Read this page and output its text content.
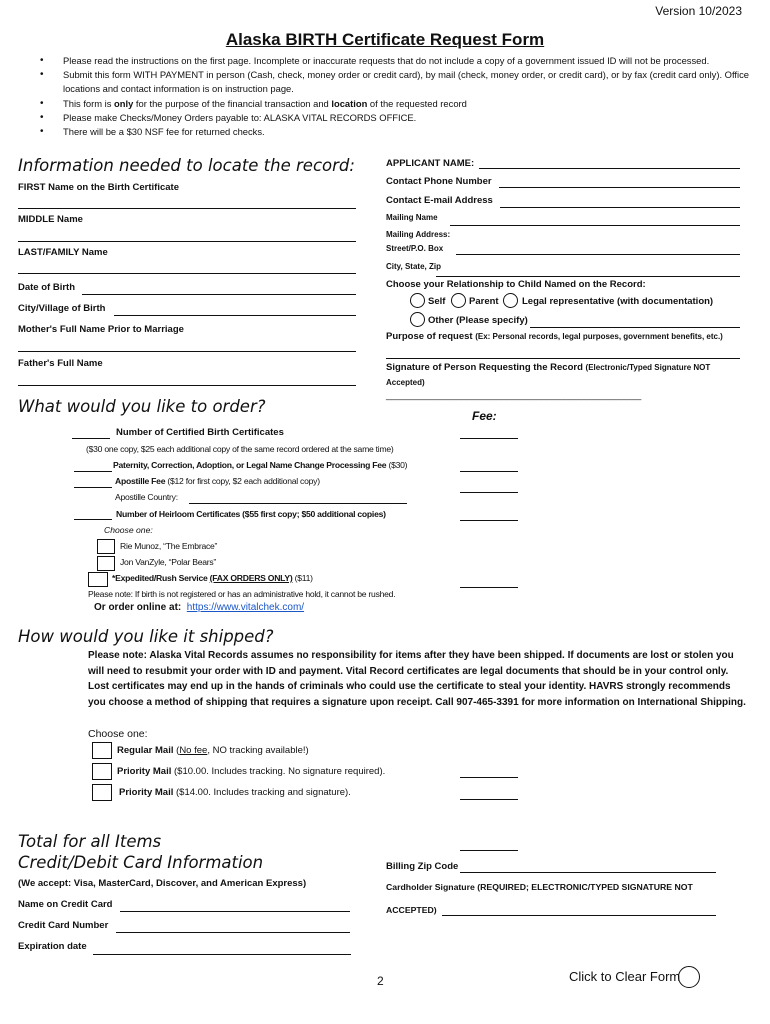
Version 10/2023
Alaska BIRTH Certificate Request Form
• Please read the instructions on the first page. Incomplete or inaccurate requests that do not include a copy of a government issued ID will not be processed.
• Submit this form WITH PAYMENT in person (Cash, check, money order or credit card), by mail (check, money order, or credit card), or by fax (credit card only). Office locations and contact information is on instruction page.
• This form is only for the purpose of the financial transaction and location of the requested record
• Please make Checks/Money Orders payable to: ALASKA VITAL RECORDS OFFICE.
• There will be a $30 NSF fee for returned checks.
Information needed to locate the record:
FIRST Name on the Birth Certificate
MIDDLE Name
LAST/FAMILY Name
Date of Birth
City/Village of Birth
Mother's Full Name Prior to Marriage
Father's Full Name
APPLICANT NAME:
Contact Phone Number
Contact E-mail Address
Mailing Name
Mailing Address:
Street/P.O. Box
City, State, Zip
Choose your Relationship to Child Named on the Record:
Self Parent Legal representative (with documentation)
Other (Please specify)
Purpose of request (Ex: Personal records, legal purposes, government benefits, etc.)
Signature of Person Requesting the Record (Electronic/Typed Signature NOT
Accepted)
___________________________________________________
What would you like to order?	Fee:
Number of Certified Birth Certificates
($30 one copy, $25 each additional copy of the same record ordered at the same time)
Paternity, Correction, Adoption, or Legal Name Change Processing Fee ($30)
Apostille Fee ($12 for first copy, $2 each additional copy)
Apostille Country:
Number of Heirloom Certificates ($55 first copy; $50 additional copies)
Choose one:
Rie Munoz, “The Embrace”
Jon VanZyle, “Polar Bears”
*Expedited/Rush Service (FAX ORDERS ONLY) ($11)
Please note: If birth is not registered or has an administrative hold, it cannot be rushed.
Or order online at: https://www.vitalchek.com/
How would you like it shipped?
Please note: Alaska Vital Records assumes no responsibility for items after they have been shipped. If documents are lost or stolen you will need to resubmit your order with ID and payment. Vital Record certificates are legal documents that should be in your control only. Lost certificates may end up in the hands of criminals who could use the certificate to steal your identity. HAVRS strongly recommends you choose a method of shipping that requires a signature upon receipt. Call 907-465-3391 for more information on International Shipping.
Choose one:
Regular Mail (No fee, NO tracking available!)
Priority Mail ($10.00. Includes tracking. No signature required).
Priority Mail ($14.00. Includes tracking and signature).
Total for all Items
Credit/Debit Card Information
(We accept: Visa, MasterCard, Discover, and American Express)
Name on Credit Card
Credit Card Number
Expiration date
Billing Zip Code
Cardholder Signature (REQUIRED; ELECTRONIC/TYPED SIGNATURE NOT
ACCEPTED)
2	Click to Clear Form
